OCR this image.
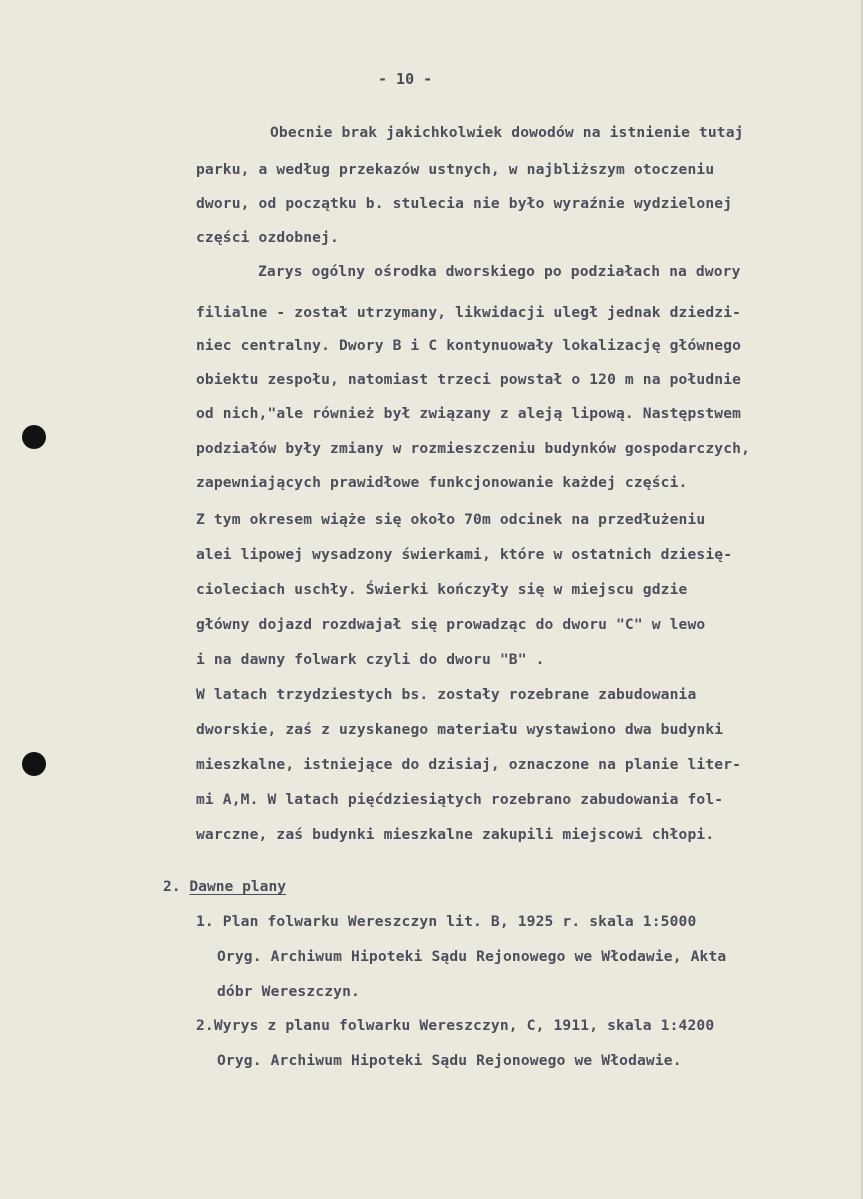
- 10 -
Obecnie brak jakichkolwiek dowodów na istnienie tutaj
parku, a według przekazów ustnych, w najbliższym otoczeniu
dworu, od początku b. stulecia nie było wyraźnie wydzielonej
części ozdobnej.
Zarys ogólny ośrodka dworskiego po podziałach na dwory
filialne - został utrzymany, likwidacji uległ jednak dziedzi-
niec centralny. Dwory B i C kontynuowały lokalizację głównego
obiektu zespołu, natomiast trzeci powstał o 120 m na południe
od nich,"ale również był związany z aleją lipową. Następstwem
podziałów były zmiany w rozmieszczeniu budynków gospodarczych,
zapewniających prawidłowe funkcjonowanie każdej części.
Z tym okresem wiąże się około 70m odcinek na przedłużeniu
alei lipowej wysadzony świerkami, które w ostatnich dziesię-
cioleciach uschły. Świerki kończyły się w miejscu gdzie
główny dojazd rozdwajał się prowadząc do dworu "C" w lewo
i na dawny folwark czyli do dworu "B" .
W latach trzydziestych bs. zostały rozebrane zabudowania
dworskie, zaś z uzyskanego materiału wystawiono dwa budynki
mieszkalne, istniejące do dzisiaj, oznaczone na planie liter-
mi A,M. W latach pięćdziesiątych rozebrano zabudowania fol-
warczne, zaś budynki mieszkalne zakupili miejscowi chłopi.
2. Dawne plany
1. Plan folwarku Wereszczyn lit. B, 1925 r. skala 1:5000
Oryg. Archiwum Hipoteki Sądu Rejonowego we Włodawie, Akta
dóbr Wereszczyn.
2.Wyrys z planu folwarku Wereszczyn, C, 1911, skala 1:4200
Oryg. Archiwum Hipoteki Sądu Rejonowego we Włodawie.
